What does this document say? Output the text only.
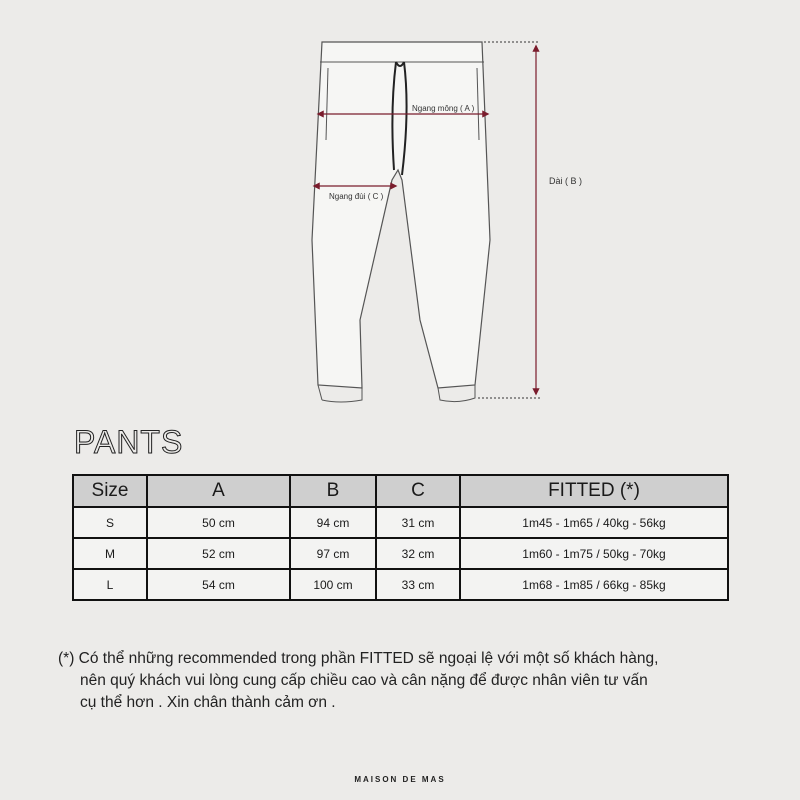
Ngang mông ( A )
Ngang đùi ( C )
Dài ( B )
PANTS
Size	A	B	C	FITTED (*)
S	50 cm	94 cm	31 cm	1m45 - 1m65 / 40kg - 56kg
M	52 cm	97 cm	32 cm	1m60 - 1m75 / 50kg - 70kg
L	54 cm	100 cm	33 cm	1m68 - 1m85 / 66kg - 85kg
(*) Có thể những recommended trong phần FITTED sẽ ngoại lệ với một số khách hàng,
nên quý khách vui lòng cung cấp chiều cao và cân nặng để được nhân viên tư vấn
cụ thể hơn . Xin chân thành cảm ơn .
MAISON DE MAS
